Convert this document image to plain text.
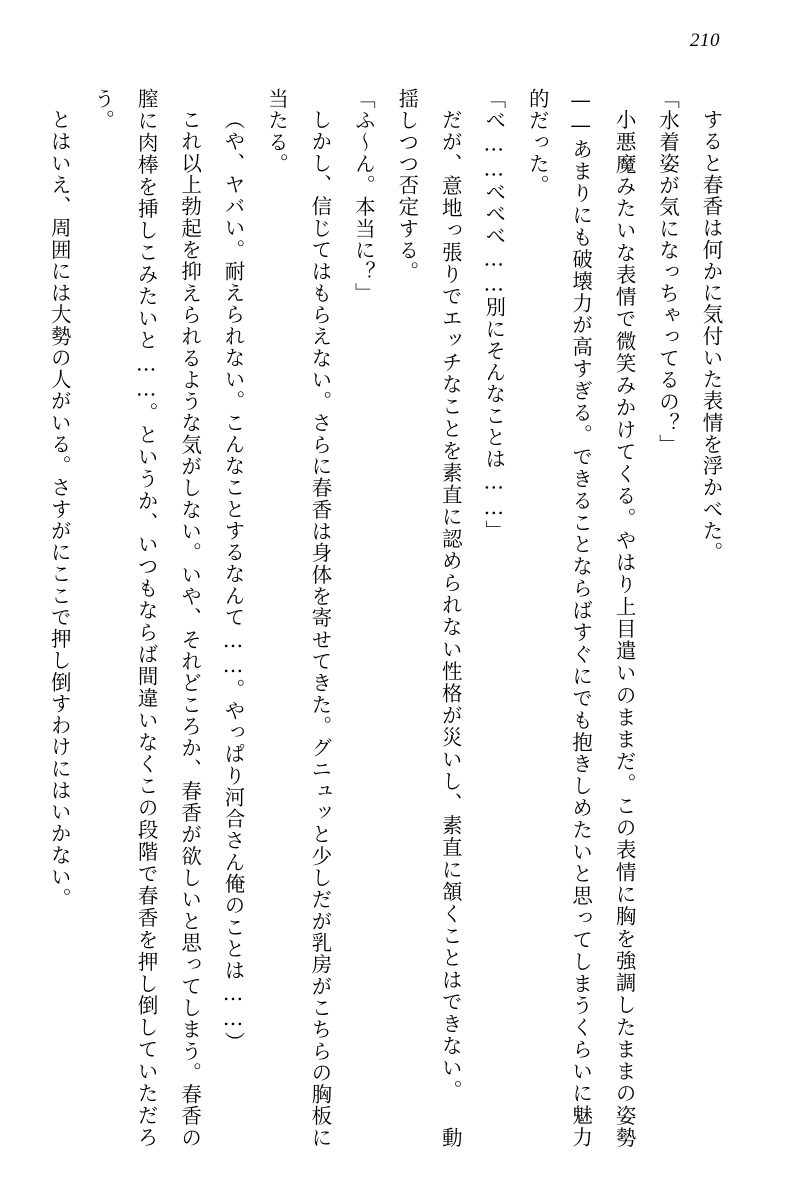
210

すると春香は何かに気付いた表情を浮かべた。

「水着姿が気になっちゃってるの？」

小悪魔みたいな表情で微笑みかけてくる。やはり上目遣いのままだ。この表情に胸を強調したままの姿勢——あまりにも破壊力が高すぎる。できることならばすぐにでも抱きしめたいと思ってしまうくらいに魅力的だった。

「べ……べべべ……別にそんなことは……」

だが、意地っ張りでエッチなことを素直に認められない性格が災いし、素直に頷くことはできない。 動揺しつつ否定する。

「ふ〜ん。本当に？」

しかし、信じてはもらえない。さらに春香は身体を寄せてきた。グニュッと少しだが乳房がこちらの胸板に当たる。

（や、ヤバい。耐えられない。こんなことするなんて……。やっぱり河合さん俺のことは……）

これ以上勃起を抑えられるような気がしない。いや、それどころか、春香が欲しいと思ってしまう。春香の膣に肉棒を挿しこみたいと……。というか、いつもならば間違いなくこの段階で春香を押し倒していただろう。

とはいえ、周囲には大勢の人がいる。さすがにここで押し倒すわけにはいかない。
